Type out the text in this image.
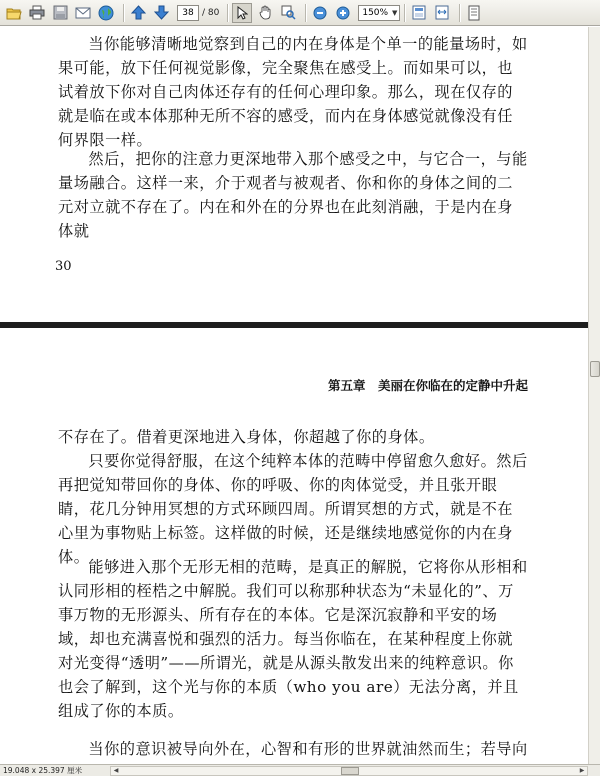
38 / 80	150% ▼

当你能够清晰地觉察到自己的内在身体是个单一的能量场时，如果可能，放下任何视觉影像，完全聚焦在感受上。而如果可以，也试着放下你对自己肉体还存有的任何心理印象。那么，现在仅存的就是临在或本体那种无所不容的感受，而内在身体感觉就像没有任何界限一样。

然后，把你的注意力更深地带入那个感受之中，与它合一，与能量场融合。这样一来，介于观者与被观者、你和你的身体之间的二元对立就不存在了。内在和外在的分界也在此刻消融，于是内在身体就

30
第五章　美丽在你临在的定静中升起

不存在了。借着更深地进入身体，你超越了你的身体。

只要你觉得舒服，在这个纯粹本体的范畴中停留愈久愈好。然后再把觉知带回你的身体、你的呼吸、你的肉体觉受，并且张开眼睛，花几分钟用冥想的方式环顾四周。所谓冥想的方式，就是不在心里为事物贴上标签。这样做的时候，还是继续地感觉你的内在身体。

能够进入那个无形无相的范畴，是真正的解脱，它将你从形相和认同形相的桎梏之中解脱。我们可以称那种状态为“未显化的”、万事万物的无形源头、所有存在的本体。它是深沉寂静和平安的场域，却也充满喜悦和强烈的活力。每当你临在，在某种程度上你就对光变得“透明”——所谓光，就是从源头散发出来的纯粹意识。你也会了解到，这个光与你的本质（who you are）无法分离，并且组成了你的本质。

当你的意识被导向外在，心智和有形的世界就油然而生；若导向

19.048 x 25.397 厘米	◀	▶
